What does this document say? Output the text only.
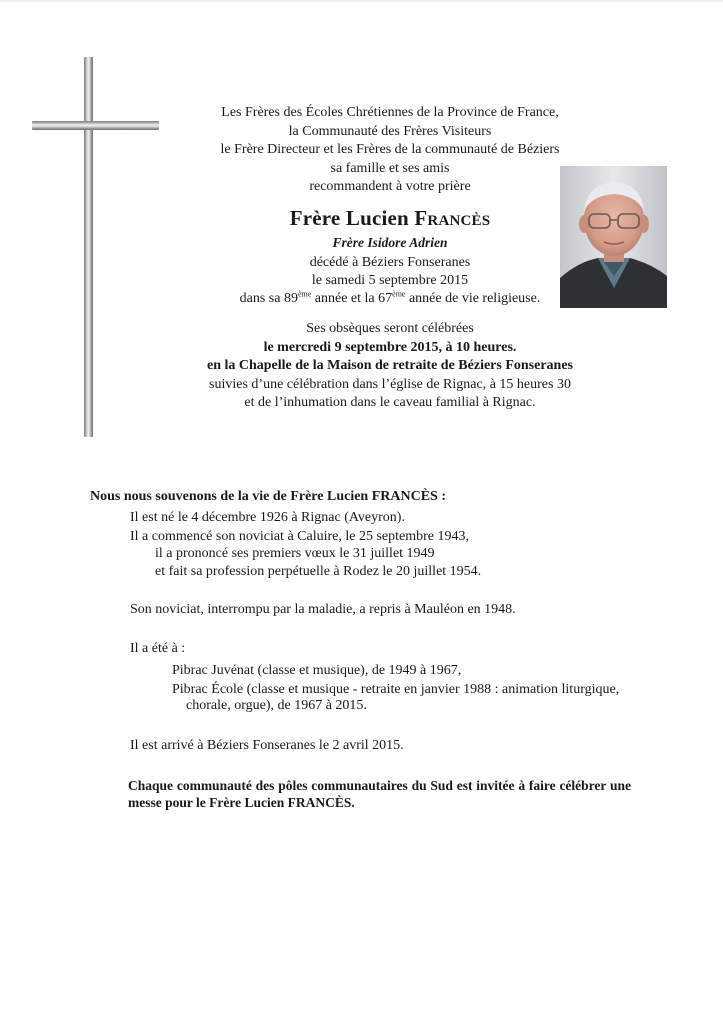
Les Frères des Écoles Chrétiennes de la Province de France,
la Communauté des Frères Visiteurs
le Frère Directeur et les Frères de la communauté de Béziers
sa famille et ses amis
recommandent à votre prière
Frère Lucien Francès
Frère Isidore Adrien
décédé à Béziers Fonseranes
le samedi 5 septembre 2015
dans sa 89ème année et la 67ème année de vie religieuse.
Ses obsèques seront célébrées
le mercredi 9 septembre 2015, à 10 heures.
en la Chapelle de la Maison de retraite de Béziers Fonseranes
suivies d’une célébration dans l’église de Rignac, à 15 heures 30
et de l’inhumation dans le caveau familial à Rignac.
Nous nous souvenons de la vie de Frère Lucien FRANCÈS :
Il est né le 4 décembre 1926 à Rignac (Aveyron).
Il a commencé son noviciat à Caluire, le 25 septembre 1943,
il a prononcé ses premiers vœux le 31 juillet 1949
et fait sa profession perpétuelle à Rodez le 20 juillet 1954.
Son noviciat, interrompu par la maladie, a repris à Mauléon en 1948.
Il a été à :
Pibrac Juvénat (classe et musique), de 1949 à 1967,
Pibrac École (classe et musique - retraite en janvier 1988 : animation liturgique,
chorale, orgue), de 1967 à 2015.
Il est arrivé à Béziers Fonseranes le 2 avril 2015.
Chaque communauté des pôles communautaires du Sud est invitée à faire célébrer une messe pour le Frère Lucien FRANCÈS.
